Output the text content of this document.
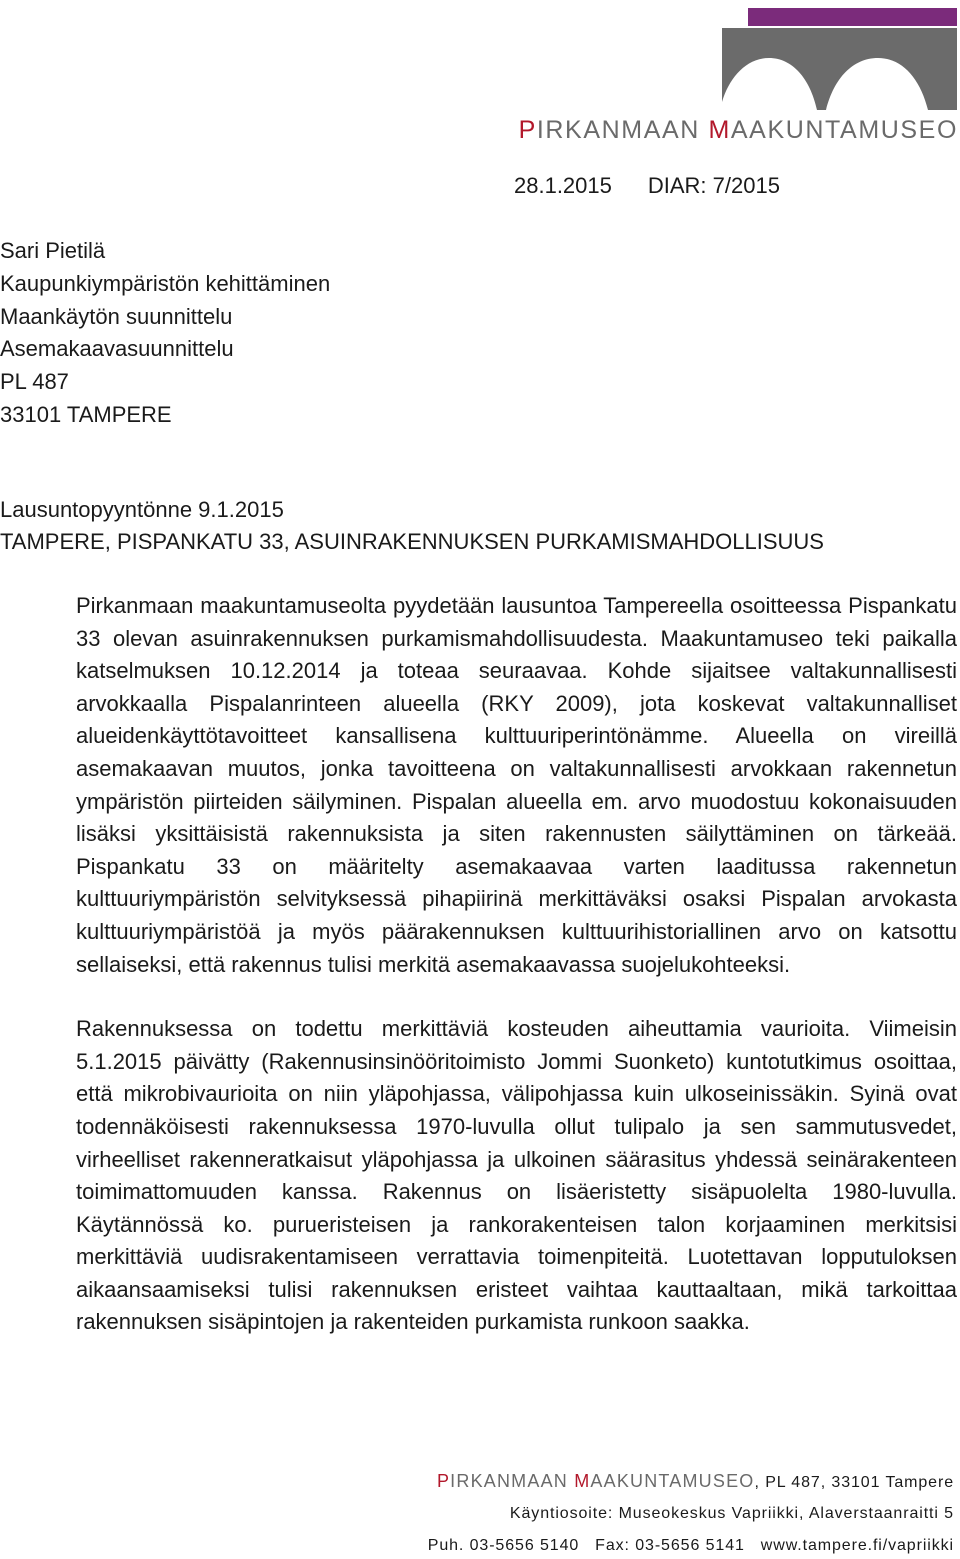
PIRKANMAAN MAAKUNTAMUSEO
28.1.2015 DIAR: 7/2015
Sari Pietilä
Kaupunkiympäristön kehittäminen
Maankäytön suunnittelu
Asemakaavasuunnittelu
PL 487
33101 TAMPERE
Lausuntopyyntönne 9.1.2015
TAMPERE, PISPANKATU 33, ASUINRAKENNUKSEN PURKAMISMAHDOLLISUUS

Pirkanmaan maakuntamuseolta pyydetään lausuntoa Tampereella osoitteessa Pispankatu 33 olevan asuinrakennuksen purkamismahdollisuudesta. Maakuntamuseo teki paikalla katselmuksen 10.12.2014 ja toteaa seuraavaa. Kohde sijaitsee valtakunnallisesti arvokkaalla Pispalanrinteen alueella (RKY 2009), jota koskevat valtakunnalliset alueidenkäyttötavoitteet kansallisena kulttuuriperintönämme. Alueella on vireillä asemakaavan muutos, jonka tavoitteena on valtakunnallisesti arvokkaan rakennetun ympäristön piirteiden säilyminen. Pispalan alueella em. arvo muodostuu kokonaisuuden lisäksi yksittäisistä rakennuksista ja siten rakennusten säilyttäminen on tärkeää. Pispankatu 33 on määritelty asemakaavaa varten laaditussa rakennetun kulttuuriympäristön selvityksessä pihapiirinä merkittäväksi osaksi Pispalan arvokasta kulttuuriympäristöä ja myös päärakennuksen kulttuurihistoriallinen arvo on katsottu sellaiseksi, että rakennus tulisi merkitä asemakaavassa suojelukohteeksi.

Rakennuksessa on todettu merkittäviä kosteuden aiheuttamia vaurioita. Viimeisin 5.1.2015 päivätty (Rakennusinsinööritoimisto Jommi Suonketo) kuntotutkimus osoittaa, että mikrobivaurioita on niin yläpohjassa, välipohjassa kuin ulkoseinissäkin. Syinä ovat todennäköisesti rakennuksessa 1970-luvulla ollut tulipalo ja sen sammutusvedet, virheelliset rakenneratkaisut yläpohjassa ja ulkoinen säärasitus yhdessä seinärakenteen toimimattomuuden kanssa. Rakennus on lisäeristetty sisäpuolelta 1980-luvulla. Käytännössä ko. purueristeisen ja rankorakenteisen talon korjaaminen merkitsisi merkittäviä uudisrakentamiseen verrattavia toimenpiteitä. Luotettavan lopputuloksen aikaansaamiseksi tulisi rakennuksen eristeet vaihtaa kauttaaltaan, mikä tarkoittaa rakennuksen sisäpintojen ja rakenteiden purkamista runkoon saakka.

PIRKANMAAN MAAKUNTAMUSEO, PL 487, 33101 Tampere
Käyntiosoite: Museokeskus Vapriikki, Alaverstaanraitti 5
Puh. 03-5656 5140 Fax: 03-5656 5141 www.tampere.fi/vapriikki
